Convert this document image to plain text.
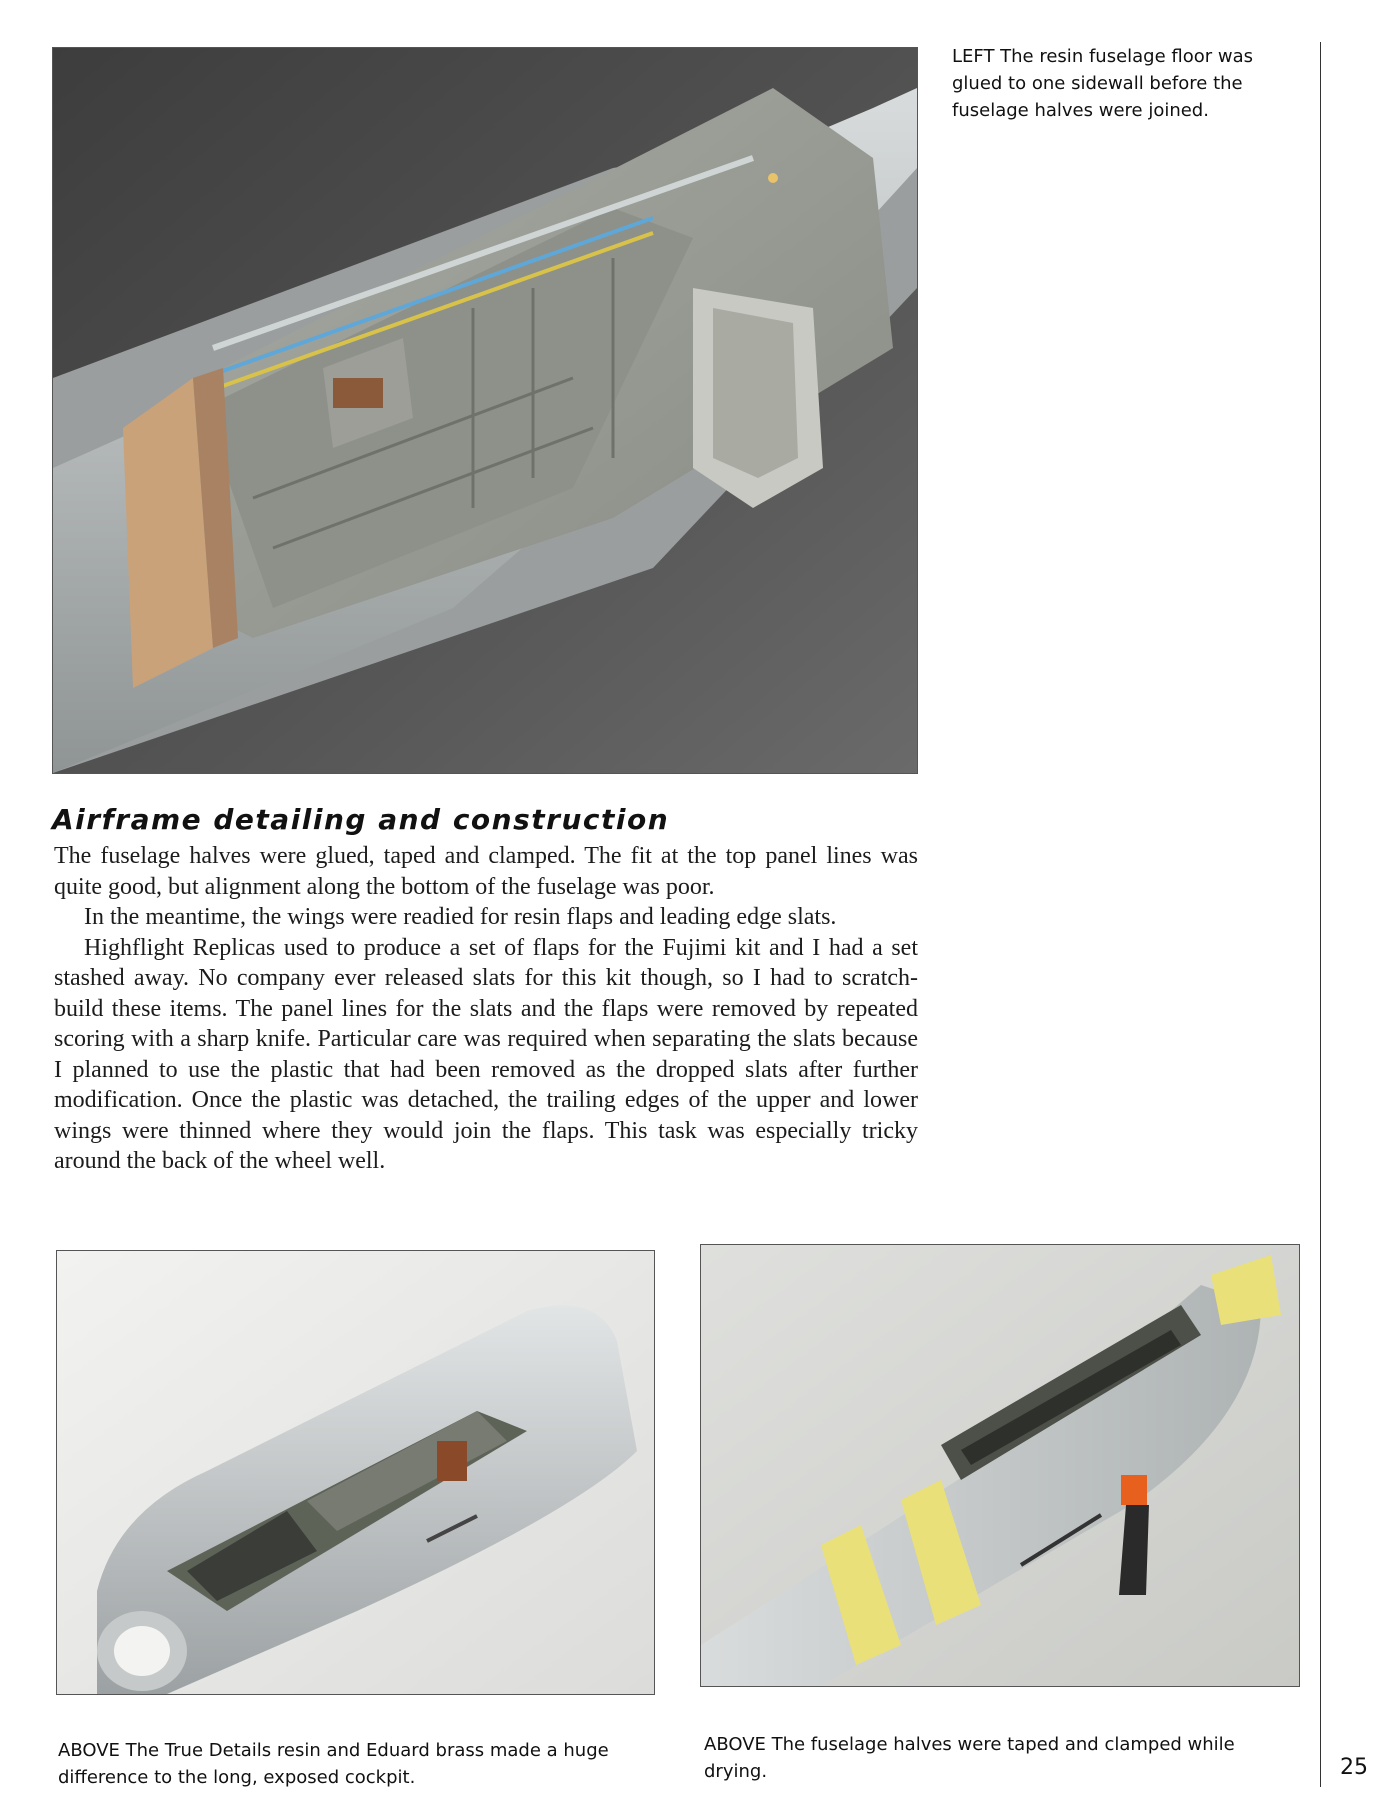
LEFT The resin fuselage floor was glued to one sidewall before the fuselage halves were joined.
Airframe detailing and construction

The fuselage halves were glued, taped and clamped. The fit at the top panel lines was quite good, but alignment along the bottom of the fuselage was poor.

In the meantime, the wings were readied for resin flaps and leading edge slats.

Highflight Replicas used to produce a set of flaps for the Fujimi kit and I had a set stashed away. No company ever released slats for this kit though, so I had to scratch-build these items. The panel lines for the slats and the flaps were removed by repeated scoring with a sharp knife. Particular care was required when separating the slats because I planned to use the plastic that had been removed as the dropped slats after further modification. Once the plastic was detached, the trailing edges of the upper and lower wings were thinned where they would join the flaps. This task was especially tricky around the back of the wheel well.

ABOVE The True Details resin and Eduard brass made a huge difference to the long, exposed cockpit.
ABOVE The fuselage halves were taped and clamped while drying.	25
